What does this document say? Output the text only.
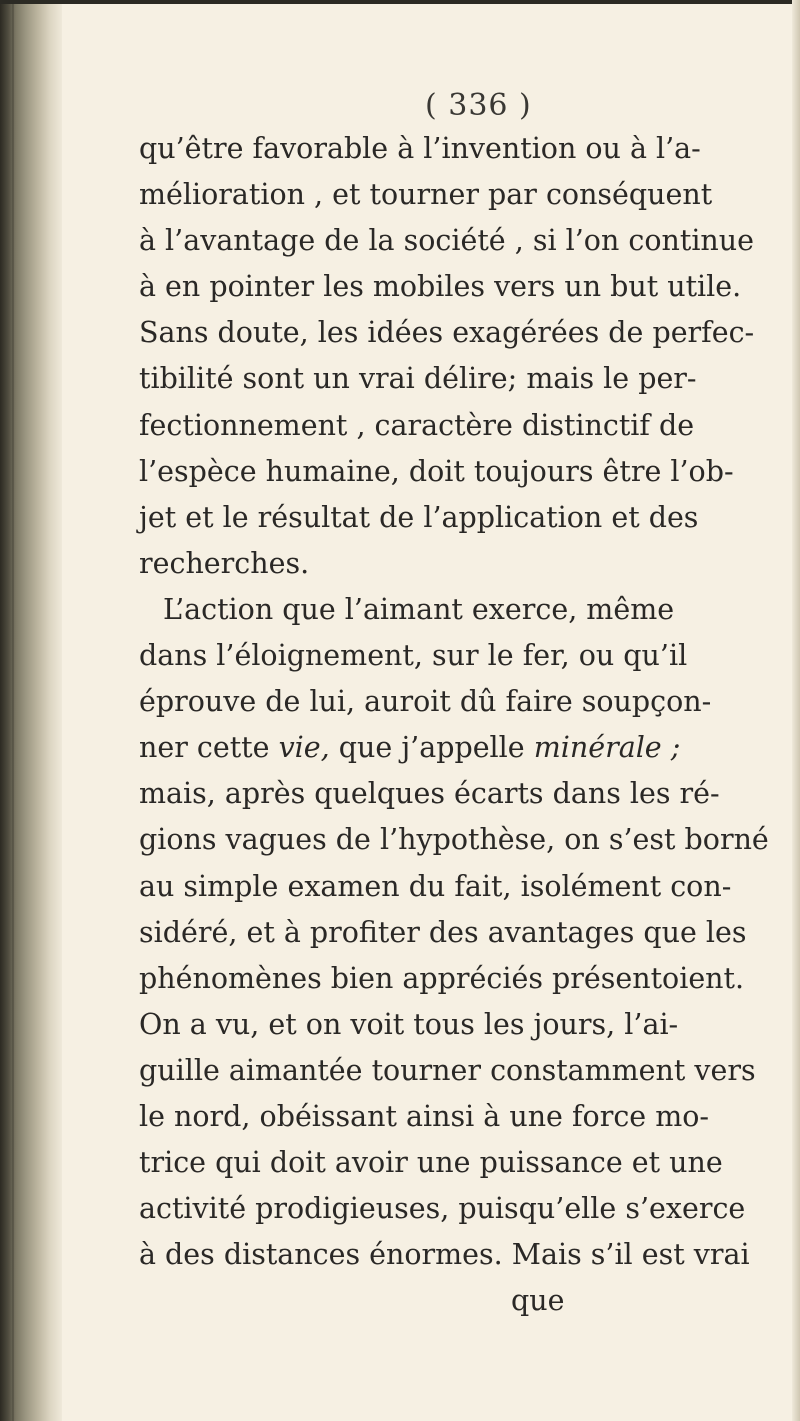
( 336 )
qu’être favorable à l’invention ou à l’a-
mélioration , et tourner par conséquent
à l’avantage de la société , si l’on continue
à en pointer les mobiles vers un but utile.
Sans doute, les idées exagérées de perfec-
tibilité sont un vrai délire; mais le per-
fectionnement , caractère distinctif de
l’espèce humaine, doit toujours être l’ob-
jet et le résultat de l’application et des
recherches.
L’action que l’aimant exerce, même
dans l’éloignement, sur le fer, ou qu’il
éprouve de lui, auroit dû faire soupçon-
ner cette vie, que j’appelle minérale ;
mais, après quelques écarts dans les ré-
gions vagues de l’hypothèse, on s’est borné
au simple examen du fait, isolément con-
sidéré, et à profiter des avantages que les
phénomènes bien appréciés présentoient.
On a vu, et on voit tous les jours, l’ai-
guille aimantée tourner constamment vers
le nord, obéissant ainsi à une force mo-
trice qui doit avoir une puissance et une
activité prodigieuses, puisqu’elle s’exerce
à des distances énormes. Mais s’il est vrai
que
